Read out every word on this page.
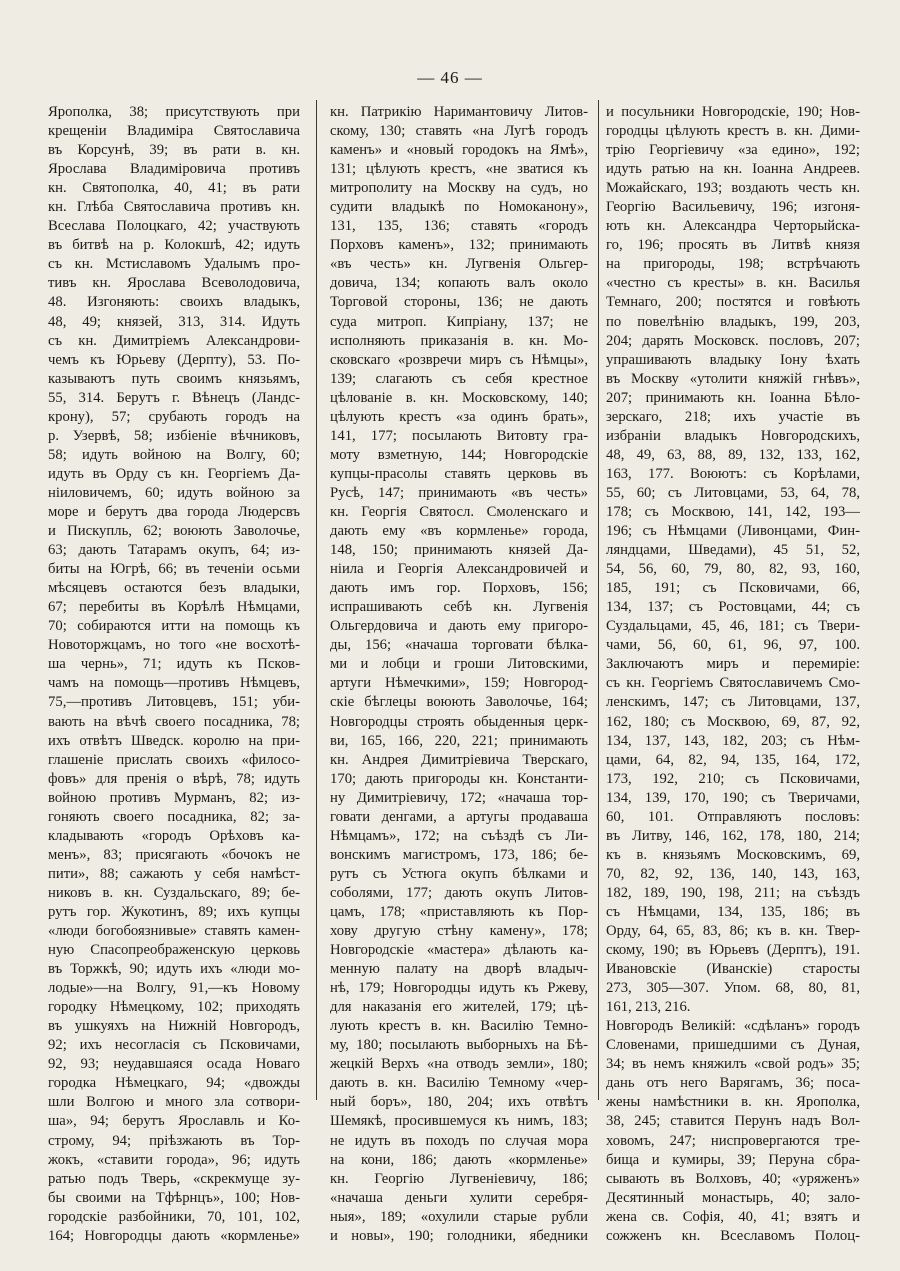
— 46 —
Ярополка, 38; присутствують при
крещеніи Владиміра Святославича
въ Корсунѣ, 39; въ рати в. кн.
Ярослава Владиміровича противъ
кн. Святополка, 40, 41; въ рати
кн. Глѣба Святославича противъ кн.
Всеслава Полоцкаго, 42; участвують
въ битвѣ на р. Колокшѣ, 42; идуть
съ кн. Мстиславомъ Удалымъ про-
тивъ кн. Ярослава Всеволодовича,
48. Изгоняють: своихъ владыкъ,
48, 49; князей, 313, 314. Идуть
съ кн. Димитріемъ Александрови-
чемъ къ Юрьеву (Дерпту), 53. По-
казываютъ путь своимъ князьямъ,
55, 314. Берутъ г. Вѣнецъ (Ландс-
крону), 57; срубають городъ на
р. Узервѣ, 58; избіеніе вѣчниковъ,
58; идуть войною на Волгу, 60;
идуть въ Орду съ кн. Георгіемъ Да-
ніиловичемъ, 60; идуть войною за
море и берутъ два города Людерсвъ
и Пискупль, 62; воюють Заволочье,
63; дають Татарамъ окупъ, 64; из-
биты на Югрѣ, 66; въ теченіи осьми
мѣсяцевъ остаются безъ владыки,
67; перебиты въ Корѣлѣ Нѣмцами,
70; собираются итти на помощь къ
Новоторжцамъ, но того «не восхотѣ-
ша чернь», 71; идуть къ Псков-
чамъ на помощь—противъ Нѣмцевъ,
75,—противъ Литовцевъ, 151; уби-
вають на вѣчѣ своего посадника, 78;
ихъ отвѣтъ Шведск. королю на при-
глашеніе прислать своихъ «филосо-
фовъ» для пренія о вѣрѣ, 78; идуть
войною противъ Мурманъ, 82; из-
гоняють своего посадника, 82; за-
кладывають «городъ Орѣховъ ка-
менъ», 83; присягають «бочокъ не
пити», 88; сажають у себя намѣст-
никовъ в. кн. Суздальскаго, 89; бе-
рутъ гор. Жукотинъ, 89; ихъ купцы
«люди богобоязнивые» ставять камен-
ную Спасопреображенскую церковь
въ Торжкѣ, 90; идуть ихъ «люди мо-
лодые»—на Волгу, 91,—къ Новому
городку Нѣмецкому, 102; приходять
въ ушкуяхъ на Нижній Новгородъ,
92; ихъ несогласія съ Псковичами,
92, 93; неудавшаяся осада Новаго
городка Нѣмецкаго, 94; «двожды
шли Волгою и много зла сотвори-
ша», 94; берутъ Ярославль и Ко-
строму, 94; пріѣзжають въ Тор-
жокъ, «ставити города», 96; идуть
ратью подъ Тверь, «скрекмуще зу-
бы своими на Тфѣрнцъ», 100; Нов-
городскіе разбойники, 70, 101, 102,
164; Новгородцы дають «кормленье»
кн. Патрикію Наримантовичу Литов-
скому, 130; ставять «на Лугѣ городъ
каменъ» и «новый городокъ на Ямѣ»,
131; цѣлують крестъ, «не зватися къ
митрополиту на Москву на судъ, но
судити владыкѣ по Номоканону»,
131, 135, 136; ставять «городъ
Порховъ каменъ», 132; принимають
«въ честь» кн. Лугвенія Ольгер-
довича, 134; копають валъ около
Торговой стороны, 136; не дають
суда митроп. Кипріану, 137; не
исполняють приказанія в. кн. Мо-
сковскаго «розвречи миръ съ Нѣмцы»,
139; слагають съ себя крестное
цѣлованіе в. кн. Московскому, 140;
цѣлують крестъ «за одинъ брать»,
141, 177; посылають Витовту гра-
моту взметную, 144; Новгородскіе
купцы-прасолы ставять церковь въ
Русѣ, 147; принимають «въ честь»
кн. Георгія Святосл. Смоленскаго и
дають ему «въ кормленье» города,
148, 150; принимають князей Да-
ніила и Георгія Александровичей и
дають имъ гор. Порховъ, 156;
испрашивають себѣ кн. Лугвенія
Ольгердовича и дають ему пригоро-
ды, 156; «начаша торговати бѣлка-
ми и лобци и гроши Литовскими,
артуги Нѣмечкими», 159; Новгород-
скіе бѣглецы воюють Заволочье, 164;
Новгородцы строять обыденныя церк-
ви, 165, 166, 220, 221; принимають
кн. Андрея Димитріевича Тверскаго,
170; дають пригороды кн. Константи-
ну Димитріевичу, 172; «начаша тор-
говати денгами, а артугы продаваша
Нѣмцамъ», 172; на съѣздѣ съ Ли-
вонскимъ магистромъ, 173, 186; бе-
рутъ съ Устюга окупъ бѣлками и
соболями, 177; дають окупъ Литов-
цамъ, 178; «приставляють къ Пор-
хову другую стѣну камену», 178;
Новгородскіе «мастера» дѣлають ка-
менную палату на дворѣ владыч-
нѣ, 179; Новгородцы идуть къ Ржеву,
для наказанія его жителей, 179; цѣ-
лують крестъ в. кн. Василію Темно-
му, 180; посылають выборныхъ на Бѣ-
жецкій Верхъ «на отводъ земли», 180;
дають в. кн. Василію Темному «чер-
ный боръ», 180, 204; ихъ отвѣтъ
Шемякѣ, просившемуся къ нимъ, 183;
не идуть въ походъ по случая мора
на кони, 186; дають «кормленье»
кн. Георгію Лугвеніевичу, 186;
«начаша деньги хулити серебря-
ныя», 189; «охулили старые рубли
и новы», 190; голодники, ябедники
и посульники Новгородскіе, 190; Нов-
городцы цѣлують крестъ в. кн. Дими-
трію Георгіевичу «за едино», 192;
идуть ратью на кн. Іоанна Андреев.
Можайскаго, 193; воздають честь кн.
Георгію Васильевичу, 196; изгоня-
ють кн. Александра Черторыйска-
го, 196; просять въ Литвѣ князя
на пригороды, 198; встрѣчають
«честно съ кресты» в. кн. Василья
Темнаго, 200; постятся и говѣють
по повелѣнію владыкъ, 199, 203,
204; дарять Московск. пословъ, 207;
упрашивають владыку Іону ѣхать
въ Москву «утолити княжій гнѣвъ»,
207; принимають кн. Іоанна Бѣло-
зерскаго, 218; ихъ участіе въ
избраніи владыкъ Новгородскихъ,
48, 49, 63, 88, 89, 132, 133, 162,
163, 177. Воюютъ: съ Корѣлами,
55, 60; съ Литовцами, 53, 64, 78,
178; съ Москвою, 141, 142, 193—
196; съ Нѣмцами (Ливонцами, Фин-
ляндцами, Шведами), 45 51, 52,
54, 56, 60, 79, 80, 82, 93, 160,
185, 191; съ Псковичами, 66,
134, 137; съ Ростовцами, 44; съ
Суздальцами, 45, 46, 181; съ Твери-
чами, 56, 60, 61, 96, 97, 100.
Заключаютъ миръ и перемиріе:
съ кн. Георгіемъ Святославичемъ Смо-
ленскимъ, 147; съ Литовцами, 137,
162, 180; съ Москвою, 69, 87, 92,
134, 137, 143, 182, 203; съ Нѣм-
цами, 64, 82, 94, 135, 164, 172,
173, 192, 210; съ Псковичами,
134, 139, 170, 190; съ Тверичами,
60, 101. Отправляютъ пословъ:
въ Литву, 146, 162, 178, 180, 214;
къ в. князьямъ Московскимъ, 69,
70, 82, 92, 136, 140, 143, 163,
182, 189, 190, 198, 211; на съѣздъ
съ Нѣмцами, 134, 135, 186; въ
Орду, 64, 65, 83, 86; къ в. кн. Твер-
скому, 190; въ Юрьевъ (Дерптъ), 191.
Ивановскіе (Иванскіе) старосты
273, 305—307. Упом. 68, 80, 81,
161, 213, 216.
Новгородъ Великій: «сдѣланъ» городъ
Словенами, пришедшими съ Дуная,
34; въ немъ княжилъ «свой родъ» 35;
дань отъ него Варягамъ, 36; поса-
жены намѣстники в. кн. Ярополка,
38, 245; ставится Перунъ надъ Вол-
ховомъ, 247; ниспровергаются тре-
бища и кумиры, 39; Перуна сбра-
сывають въ Волховъ, 40; «уряженъ»
Десятинный монастырь, 40; зало-
жена св. Софія, 40, 41; взятъ и
сожженъ кн. Всеславомъ Полоц-
